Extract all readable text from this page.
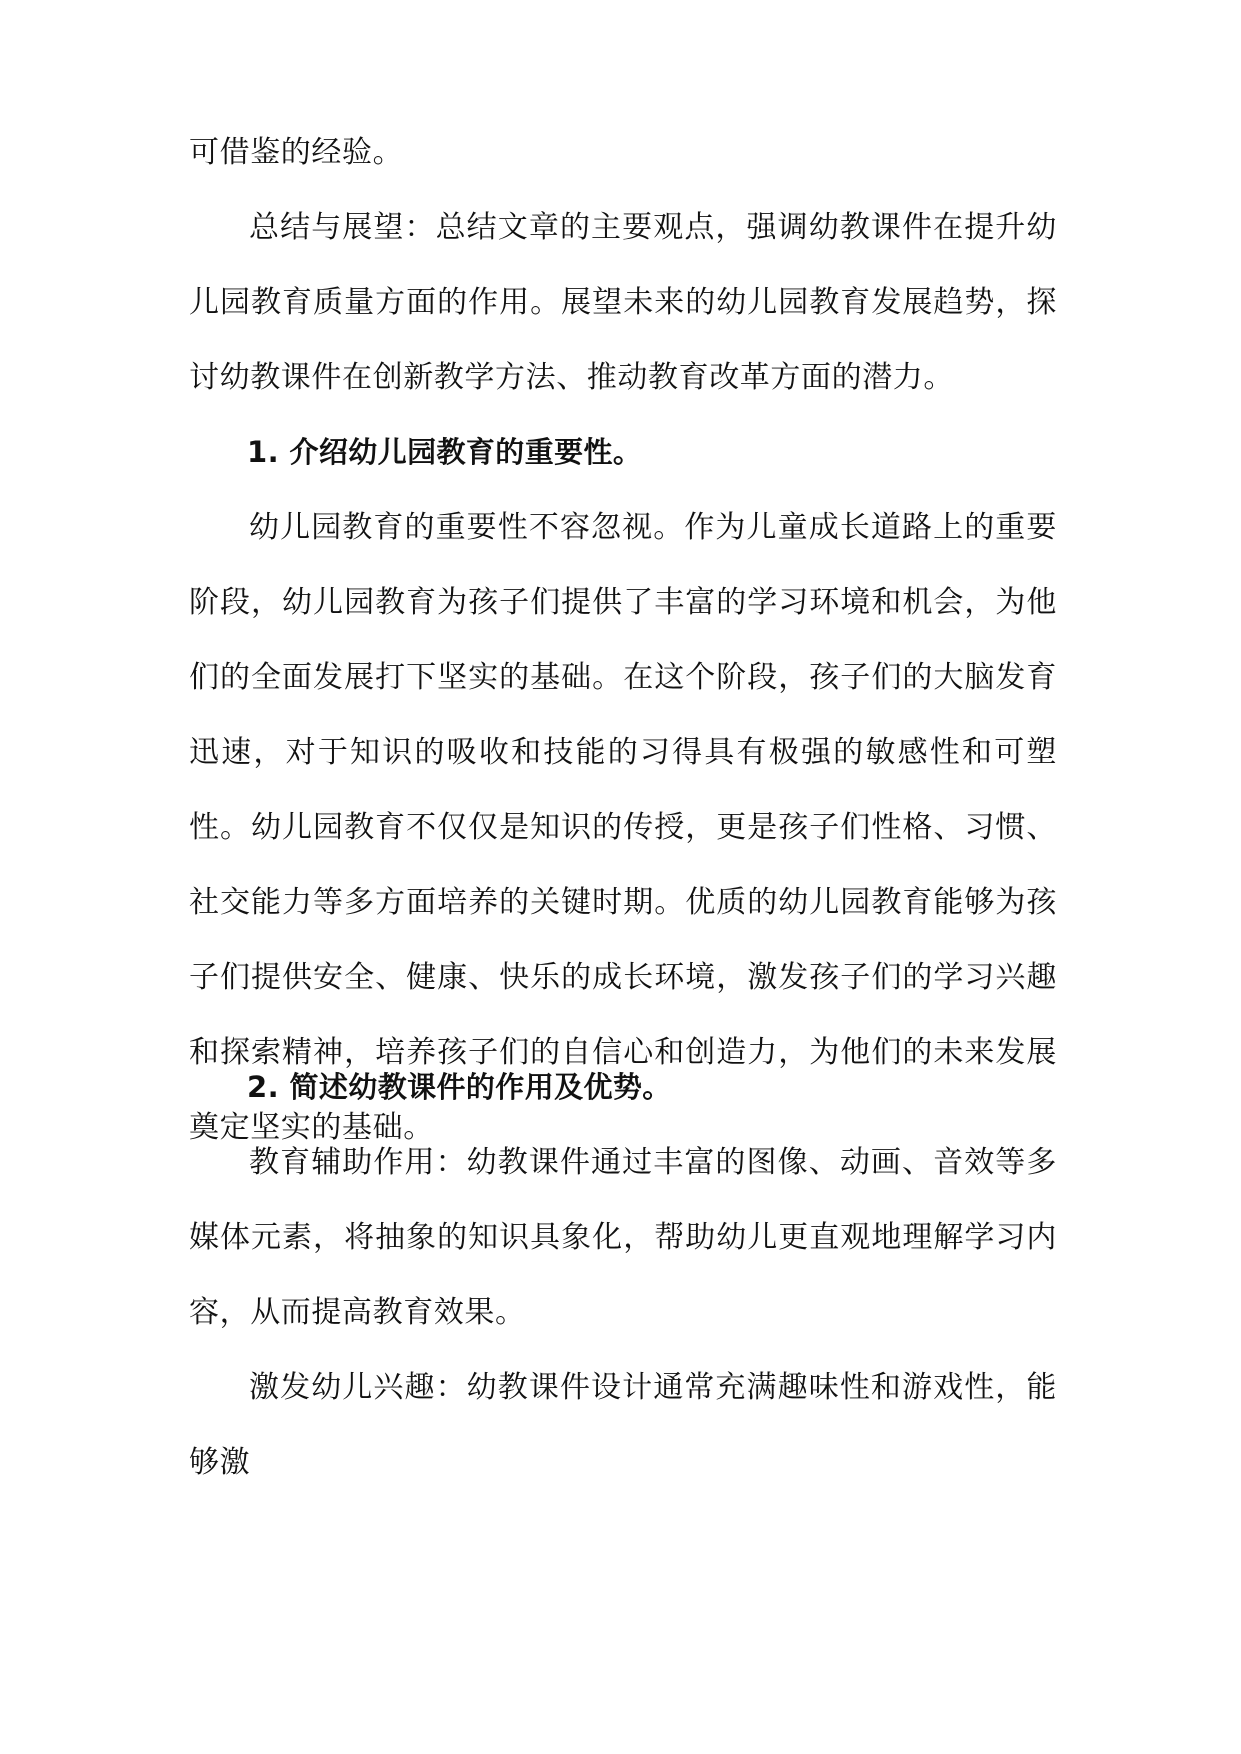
可借鉴的经验。

总结与展望：总结文章的主要观点，强调幼教课件在提升幼儿园教育质量方面的作用。展望未来的幼儿园教育发展趋势，探讨幼教课件在创新教学方法、推动教育改革方面的潜力。

1. 介绍幼儿园教育的重要性。

幼儿园教育的重要性不容忽视。作为儿童成长道路上的重要阶段，幼儿园教育为孩子们提供了丰富的学习环境和机会，为他们的全面发展打下坚实的基础。在这个阶段，孩子们的大脑发育迅速，对于知识的吸收和技能的习得具有极强的敏感性和可塑性。幼儿园教育不仅仅是知识的传授，更是孩子们性格、习惯、社交能力等多方面培养的关键时期。优质的幼儿园教育能够为孩子们提供安全、健康、快乐的成长环境，激发孩子们的学习兴趣和探索精神，培养孩子们的自信心和创造力，为他们的未来发展奠定坚实的基础。

2. 简述幼教课件的作用及优势。

教育辅助作用：幼教课件通过丰富的图像、动画、音效等多媒体元素，将抽象的知识具象化，帮助幼儿更直观地理解学习内容，从而提高教育效果。

激发幼儿兴趣：幼教课件设计通常充满趣味性和游戏性，能够激
